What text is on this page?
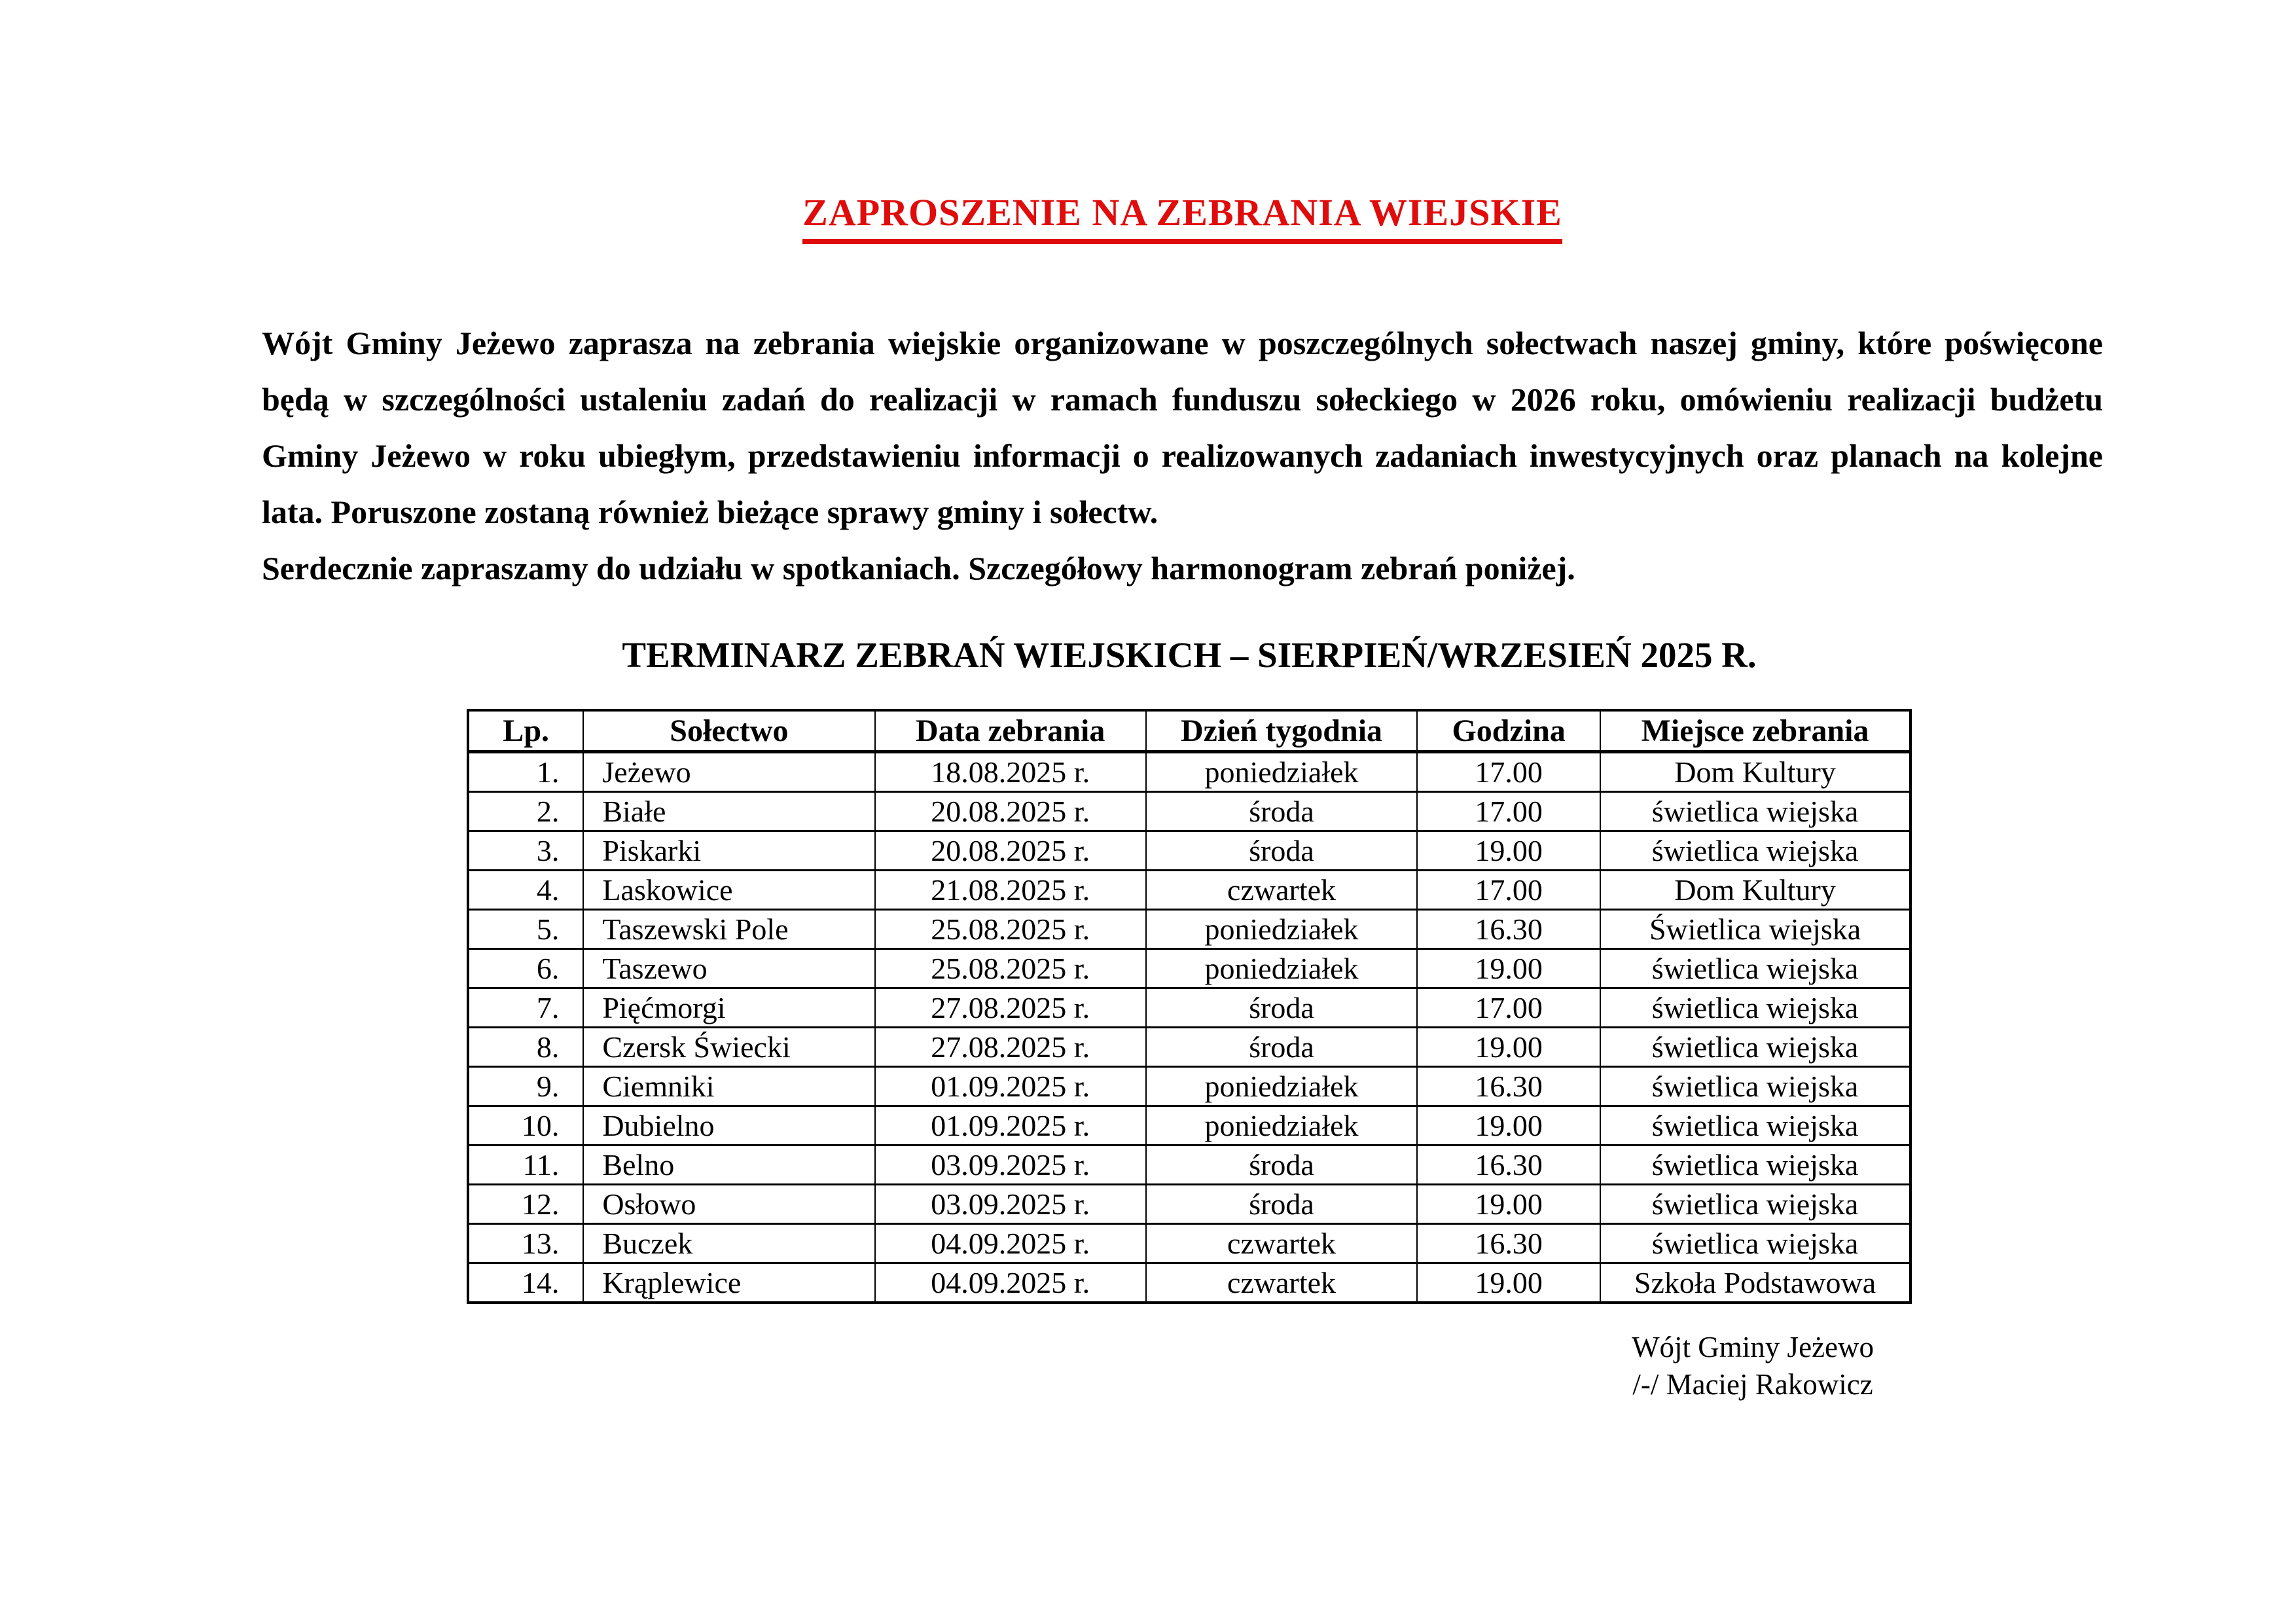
ZAPROSZENIE NA ZEBRANIA WIEJSKIE
Wójt Gminy Jeżewo zaprasza na zebrania wiejskie organizowane w poszczególnych sołectwach naszej gminy, które poświęcone
będą w szczególności ustaleniu zadań do realizacji w ramach funduszu sołeckiego w 2026 roku, omówieniu realizacji budżetu
Gminy Jeżewo w roku ubiegłym, przedstawieniu informacji o realizowanych zadaniach inwestycyjnych oraz planach na kolejne
lata. Poruszone zostaną również bieżące sprawy gminy i sołectw.
Serdecznie zapraszamy do udziału w spotkaniach. Szczegółowy harmonogram zebrań poniżej.
TERMINARZ ZEBRAŃ WIEJSKICH – SIERPIEŃ/WRZESIEŃ 2025 R.
Lp.	Sołectwo	Data zebrania	Dzień tygodnia	Godzina	Miejsce zebrania
1.	Jeżewo	18.08.2025 r.	poniedziałek	17.00	Dom Kultury
2.	Białe	20.08.2025 r.	środa	17.00	świetlica wiejska
3.	Piskarki	20.08.2025 r.	środa	19.00	świetlica wiejska
4.	Laskowice	21.08.2025 r.	czwartek	17.00	Dom Kultury
5.	Taszewski Pole	25.08.2025 r.	poniedziałek	16.30	Świetlica wiejska
6.	Taszewo	25.08.2025 r.	poniedziałek	19.00	świetlica wiejska
7.	Pięćmorgi	27.08.2025 r.	środa	17.00	świetlica wiejska
8.	Czersk Świecki	27.08.2025 r.	środa	19.00	świetlica wiejska
9.	Ciemniki	01.09.2025 r.	poniedziałek	16.30	świetlica wiejska
10.	Dubielno	01.09.2025 r.	poniedziałek	19.00	świetlica wiejska
11.	Belno	03.09.2025 r.	środa	16.30	świetlica wiejska
12.	Osłowo	03.09.2025 r.	środa	19.00	świetlica wiejska
13.	Buczek	04.09.2025 r.	czwartek	16.30	świetlica wiejska
14.	Krąplewice	04.09.2025 r.	czwartek	19.00	Szkoła Podstawowa
Wójt Gminy Jeżewo
/-/ Maciej Rakowicz
